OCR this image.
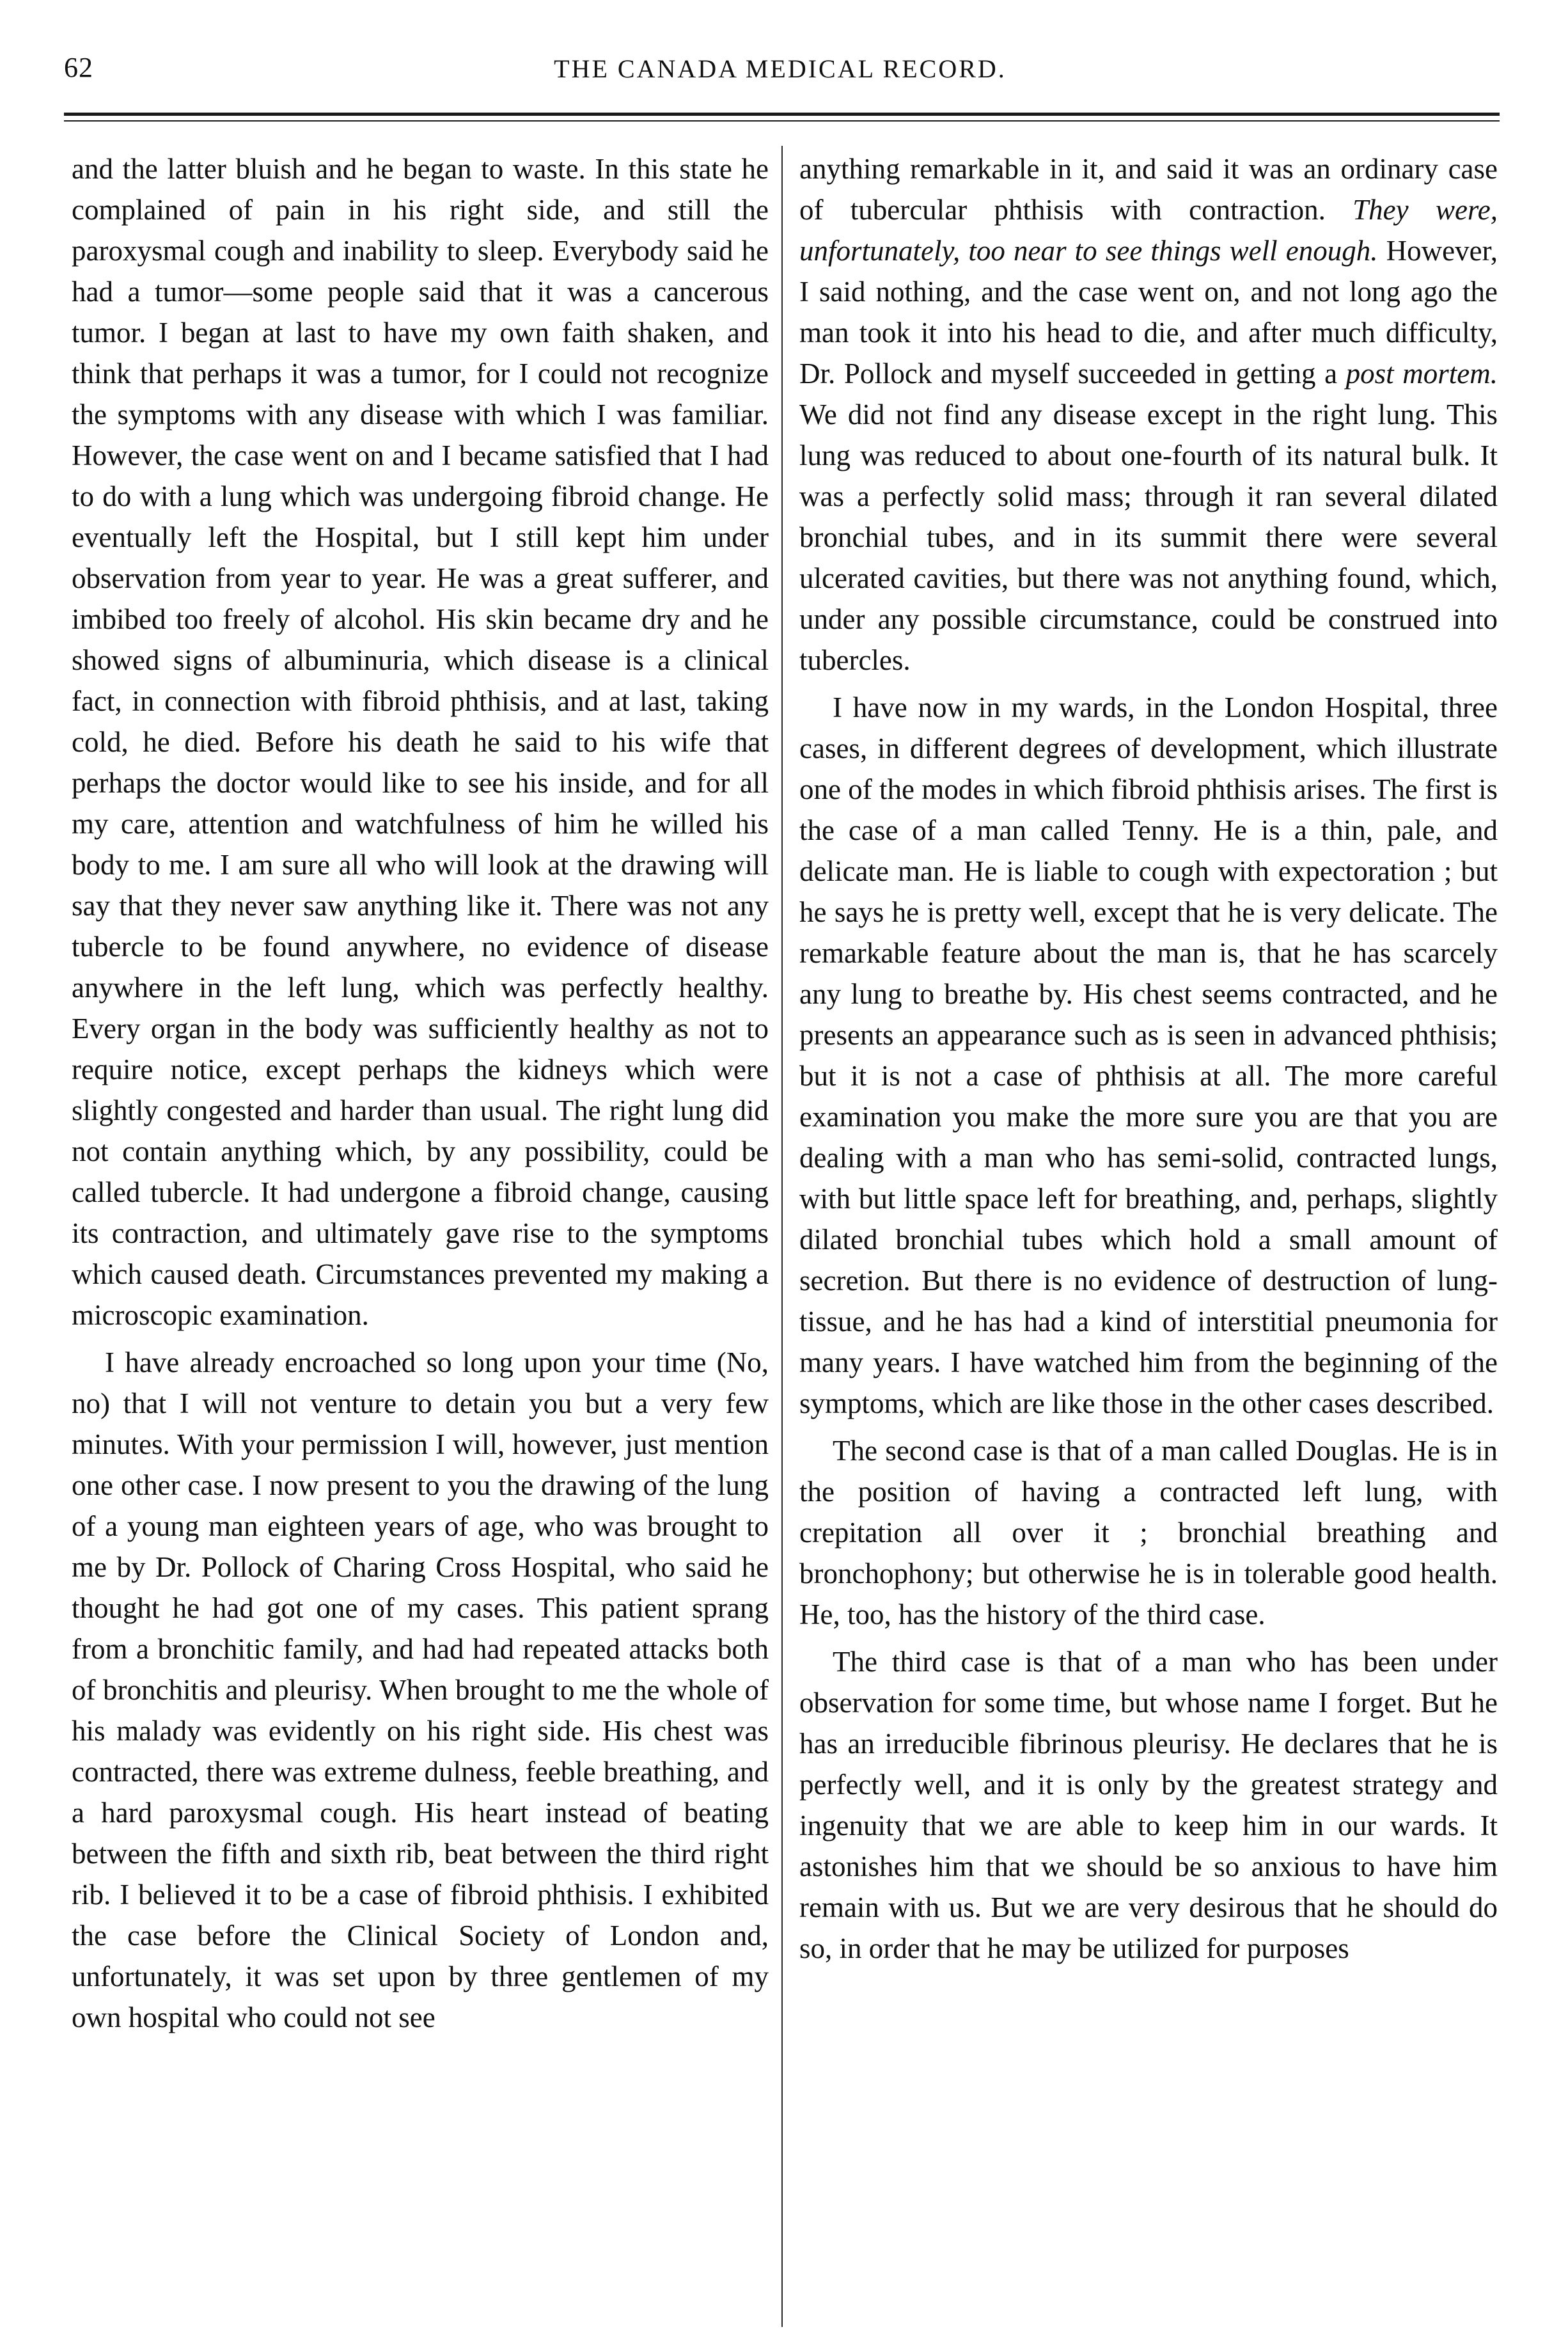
62	THE CANADA MEDICAL RECORD.

and the latter bluish and he began to waste. In this state he complained of pain in his right side, and still the paroxysmal cough and inability to sleep. Everybody said he had a tumor—some people said that it was a cancerous tumor. I began at last to have my own faith shaken, and think that perhaps it was a tumor, for I could not recognize the symptoms with any disease with which I was familiar. However, the case went on and I became satisfied that I had to do with a lung which was undergoing fibroid change. He eventually left the Hospital, but I still kept him under observation from year to year. He was a great sufferer, and imbibed too freely of alcohol. His skin became dry and he showed signs of albuminuria, which disease is a clinical fact, in connection with fibroid phthisis, and at last, taking cold, he died. Before his death he said to his wife that perhaps the doctor would like to see his inside, and for all my care, attention and watchfulness of him he willed his body to me. I am sure all who will look at the drawing will say that they never saw anything like it. There was not any tubercle to be found anywhere, no evidence of disease anywhere in the left lung, which was perfectly healthy. Every organ in the body was sufficiently healthy as not to require notice, except perhaps the kidneys which were slightly congested and harder than usual. The right lung did not contain anything which, by any possibility, could be called tubercle. It had undergone a fibroid change, causing its contraction, and ultimately gave rise to the symptoms which caused death. Circumstances prevented my making a microscopic examination.

I have already encroached so long upon your time (No, no) that I will not venture to detain you but a very few minutes. With your permission I will, however, just mention one other case. I now present to you the drawing of the lung of a young man eighteen years of age, who was brought to me by Dr. Pollock of Charing Cross Hospital, who said he thought he had got one of my cases. This patient sprang from a bronchitic family, and had had repeated attacks both of bronchitis and pleurisy. When brought to me the whole of his malady was evidently on his right side. His chest was contracted, there was extreme dulness, feeble breathing, and a hard paroxysmal cough. His heart instead of beating between the fifth and sixth rib, beat between the third right rib. I believed it to be a case of fibroid phthisis. I exhibited the case before the Clinical Society of London and, unfortunately, it was set upon by three gentlemen of my own hospital who could not see

anything remarkable in it, and said it was an ordinary case of tubercular phthisis with contraction. They were, unfortunately, too near to see things well enough. However, I said nothing, and the case went on, and not long ago the man took it into his head to die, and after much difficulty, Dr. Pollock and myself succeeded in getting a post mortem. We did not find any disease except in the right lung. This lung was reduced to about one-fourth of its natural bulk. It was a perfectly solid mass; through it ran several dilated bronchial tubes, and in its summit there were several ulcerated cavities, but there was not anything found, which, under any possible circumstance, could be construed into tubercles.

I have now in my wards, in the London Hospital, three cases, in different degrees of development, which illustrate one of the modes in which fibroid phthisis arises. The first is the case of a man called Tenny. He is a thin, pale, and delicate man. He is liable to cough with expectoration ; but he says he is pretty well, except that he is very delicate. The remarkable feature about the man is, that he has scarcely any lung to breathe by. His chest seems contracted, and he presents an appearance such as is seen in advanced phthisis; but it is not a case of phthisis at all. The more careful examination you make the more sure you are that you are dealing with a man who has semi-solid, contracted lungs, with but little space left for breathing, and, perhaps, slightly dilated bronchial tubes which hold a small amount of secretion. But there is no evidence of destruction of lung-tissue, and he has had a kind of interstitial pneumonia for many years. I have watched him from the beginning of the symptoms, which are like those in the other cases described.

The second case is that of a man called Douglas. He is in the position of having a contracted left lung, with crepitation all over it ; bronchial breathing and bronchophony; but otherwise he is in tolerable good health. He, too, has the history of the third case.

The third case is that of a man who has been under observation for some time, but whose name I forget. But he has an irreducible fibrinous pleurisy. He declares that he is perfectly well, and it is only by the greatest strategy and ingenuity that we are able to keep him in our wards. It astonishes him that we should be so anxious to have him remain with us. But we are very desirous that he should do so, in order that he may be utilized for purposes
